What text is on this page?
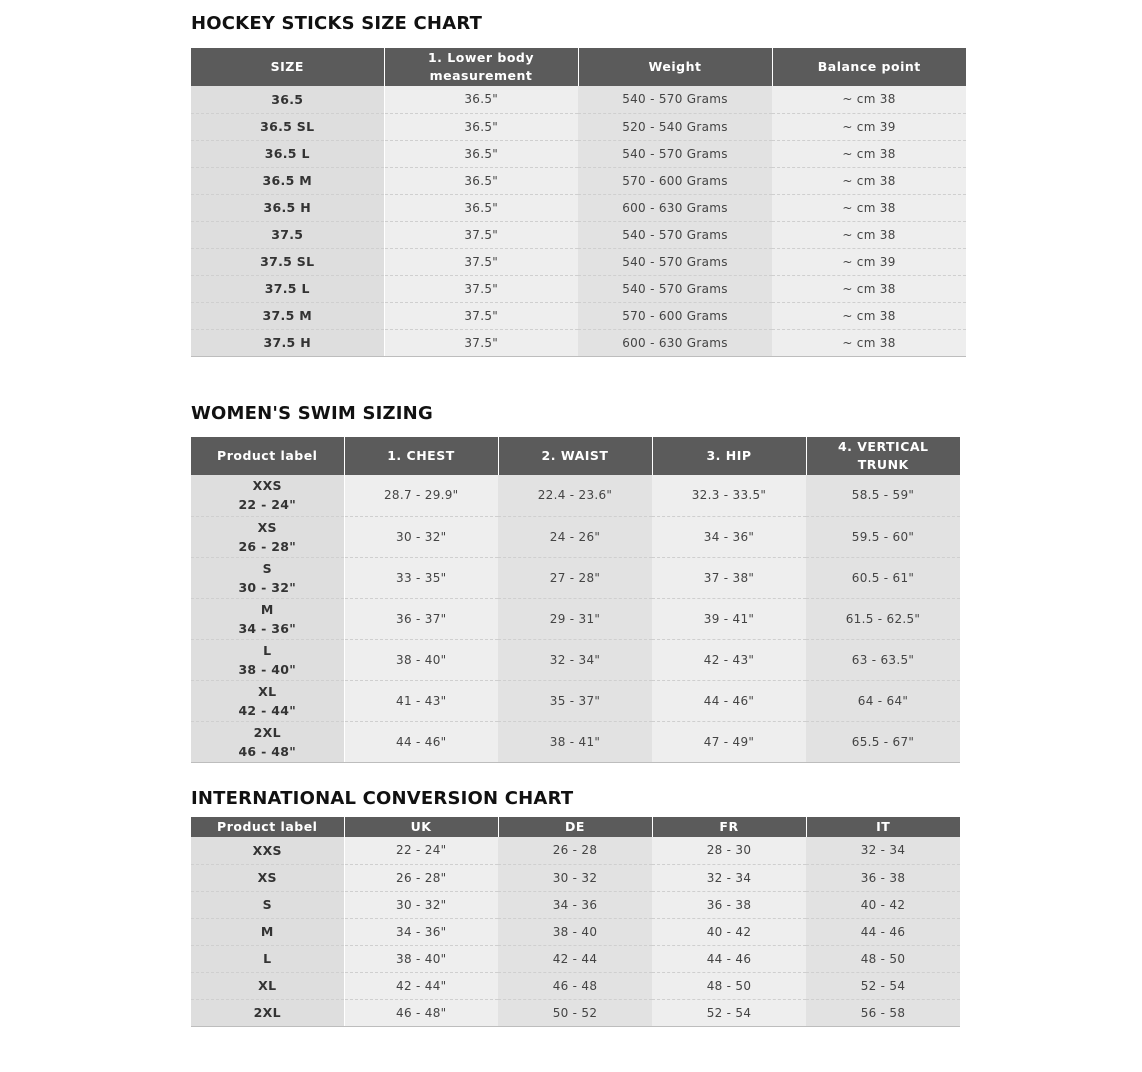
HOCKEY STICKS SIZE CHART
SIZE	1. Lower body measurement	Weight	Balance point
36.5	36.5"	540 - 570 Grams	~ cm 38
36.5 SL	36.5"	520 - 540 Grams	~ cm 39
36.5 L	36.5"	540 - 570 Grams	~ cm 38
36.5 M	36.5"	570 - 600 Grams	~ cm 38
36.5 H	36.5"	600 - 630 Grams	~ cm 38
37.5	37.5"	540 - 570 Grams	~ cm 38
37.5 SL	37.5"	540 - 570 Grams	~ cm 39
37.5 L	37.5"	540 - 570 Grams	~ cm 38
37.5 M	37.5"	570 - 600 Grams	~ cm 38
37.5 H	37.5"	600 - 630 Grams	~ cm 38
WOMEN'S SWIM SIZING
Product label	1. CHEST	2. WAIST	3. HIP	4. VERTICAL TRUNK

XXS
22 - 24"	28.7 - 29.9"	22.4 - 23.6"	32.3 - 33.5"	58.5 - 59"

XS
26 - 28"	30 - 32"	24 - 26"	34 - 36"	59.5 - 60"

S
30 - 32"	33 - 35"	27 - 28"	37 - 38"	60.5 - 61"

M
34 - 36"	36 - 37"	29 - 31"	39 - 41"	61.5 - 62.5"

L
38 - 40"	38 - 40"	32 - 34"	42 - 43"	63 - 63.5"

XL
42 - 44"	41 - 43"	35 - 37"	44 - 46"	64 - 64"

2XL
46 - 48"	44 - 46"	38 - 41"	47 - 49"	65.5 - 67"
INTERNATIONAL CONVERSION CHART
Product label	UK	DE	FR	IT
XXS	22 - 24"	26 - 28	28 - 30	32 - 34
XS	26 - 28"	30 - 32	32 - 34	36 - 38
S	30 - 32"	34 - 36	36 - 38	40 - 42
M	34 - 36"	38 - 40	40 - 42	44 - 46
L	38 - 40"	42 - 44	44 - 46	48 - 50
XL	42 - 44"	46 - 48	48 - 50	52 - 54
2XL	46 - 48"	50 - 52	52 - 54	56 - 58
